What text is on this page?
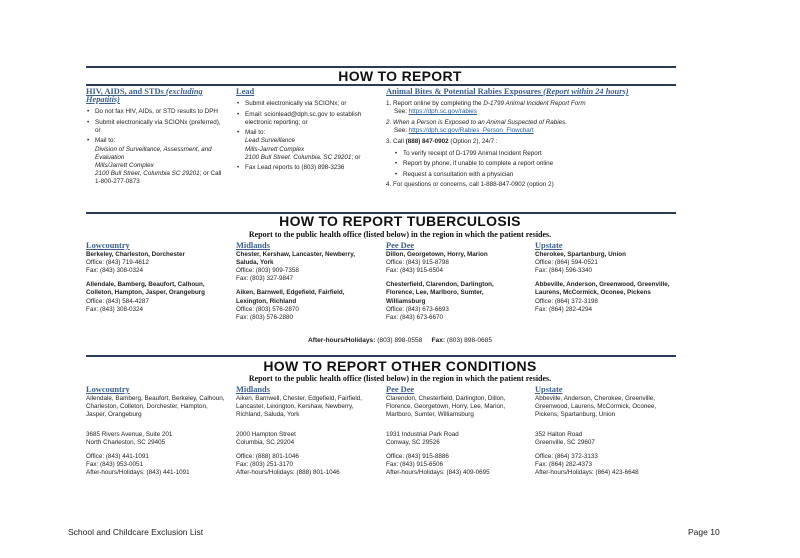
HOW TO REPORT
HIV, AIDS, and STDs (excluding Hepatitis)
• Do not fax HIV, AIDs, or STD results to DPH
• Submit electronically via SCIONx (preferred), or
• Mail to:
Division of Surveillance, Assessment, and Evaluation
Mills/Jarrett Complex
2100 Bull Street, Columbia SC 29201; or Call 1-800-277-0873
Lead
• Submit electronically via SCIONx; or
• Email: scionlead@dph.sc.gov to establish electronic reporting; or
• Mail to:
Lead Surveillance
Mills-Jarrett Complex
2100 Bull Street. Columbia. SC 29201; or
• Fax Lead reports to (803) 898-3236
Animal Bites & Potential Rabies Exposures (Report within 24 hours)
1. Report online by completing the D-1799 Animal Incident Report Form
See: https://dph.sc.gov/rabies
2. When a Person is Exposed to an Animal Suspected of Rabies.
See: https://dph.sc.gov/Rabies_Person_Flowchart
3. Call (888) 847-0902 (Option 2), 24/7 :
• To verify receipt of D-1799 Animal Incident Report
• Report by phone, if unable to complete a report online
• Request a consultation with a physician
4. For questions or concerns, call 1-888-847-0902 (option 2)
HOW TO REPORT TUBERCULOSIS
Report to the public health office (listed below) in the region in which the patient resides.
Lowcountry
Berkeley, Charleston, Dorchester
Office: (843) 719-4612
Fax: (843) 308-0324
Allendale, Bamberg, Beaufort, Calhoun, Colleton, Hampton, Jasper, Orangeburg
Office: (843) 584-4287
Fax: (843) 308-0324
Midlands
Chester, Kershaw, Lancaster, Newberry, Saluda, York
Office: (803) 909-7358
Fax: (803) 327-9847
Aiken, Barnwell, Edgefield, Fairfield, Lexington, Richland
Office: (803) 576-2870
Fax: (803) 576-2880
Pee Dee
Dillon, Georgetown, Horry, Marion
Office: (843) 915-8798
Fax: (843) 915-6504
Chesterfield, Clarendon, Darlington, Florence, Lee, Marlboro, Sumter, Williamsburg
Office: (843) 673-6693
Fax: (843) 673-6670
Upstate
Cherokee, Spartanburg, Union
Office: (864) 594-0521
Fax: (864) 596-3340
Abbeville, Anderson, Greenwood, Greenville, Laurens, McCormick, Oconee, Pickens
Office: (864) 372-3198
Fax: (864) 282-4294
After-hours/Holidays: (803) 898-0558 Fax: (803) 898-0685
HOW TO REPORT OTHER CONDITIONS
Report to the public health office (listed below) in the region in which the patient resides.
Lowcountry
Allendale, Bamberg, Beaufort, Berkeley, Calhoun, Charleston, Colleton, Dorchester, Hampton, Jasper, Orangeburg
3685 Rivers Avenue, Suite 201
North Charleston, SC 29405
Office: (843) 441-1091
Fax: (843) 953-0051
After-hours/Holidays: (843) 441-1091
Midlands
Aiken, Barnwell, Chester, Edgefield, Fairfield, Lancaster, Lexington, Kershaw, Newberry, Richland, Saluda, York
2000 Hampton Street
Columbia, SC 29204
Office: (888) 801-1046
Fax: (803) 251-3170
After-hours/Holidays: (888) 801-1046
Pee Dee
Clarendon, Chesterfield, Darlington, Dillon, Florence, Georgetown, Horry, Lee, Marion, Marlboro, Sumter, Williamsburg
1931 Industrial Park Road
Conway, SC 29526
Office: (843) 915-8886
Fax: (843) 915-6506
After-hours/Holidays: (843) 409-0695
Upstate
Abbeville, Anderson, Cherokee, Greenville, Greenwood, Laurens, McCormick, Oconee, Pickens, Spartanburg, Union
352 Halton Road
Greenville, SC 29607
Office: (864) 372-3133
Fax: (864) 282-4373
After-hours/Holidays: (864) 423-6648
School and Childcare Exclusion List	Page 10
